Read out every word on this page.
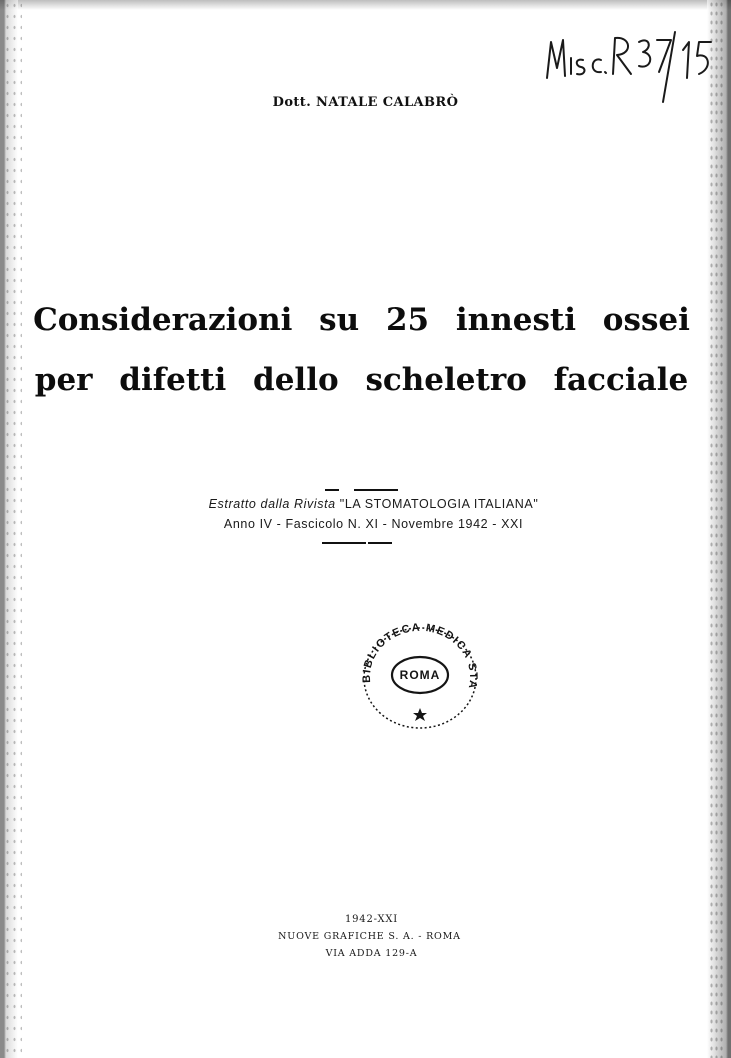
Dott. NATALE CALABRÒ
Considerazioni su 25 innesti ossei
per difetti dello scheletro facciale
Estratto dalla Rivista "LA STOMATOLOGIA ITALIANA"
Anno IV - Fascicolo N. XI - Novembre 1942 - XXI
BIBLIOTECA MEDICA STA
ROMA
1942-XXI
NUOVE GRAFICHE S. A. - ROMA
VIA ADDA 129-A
